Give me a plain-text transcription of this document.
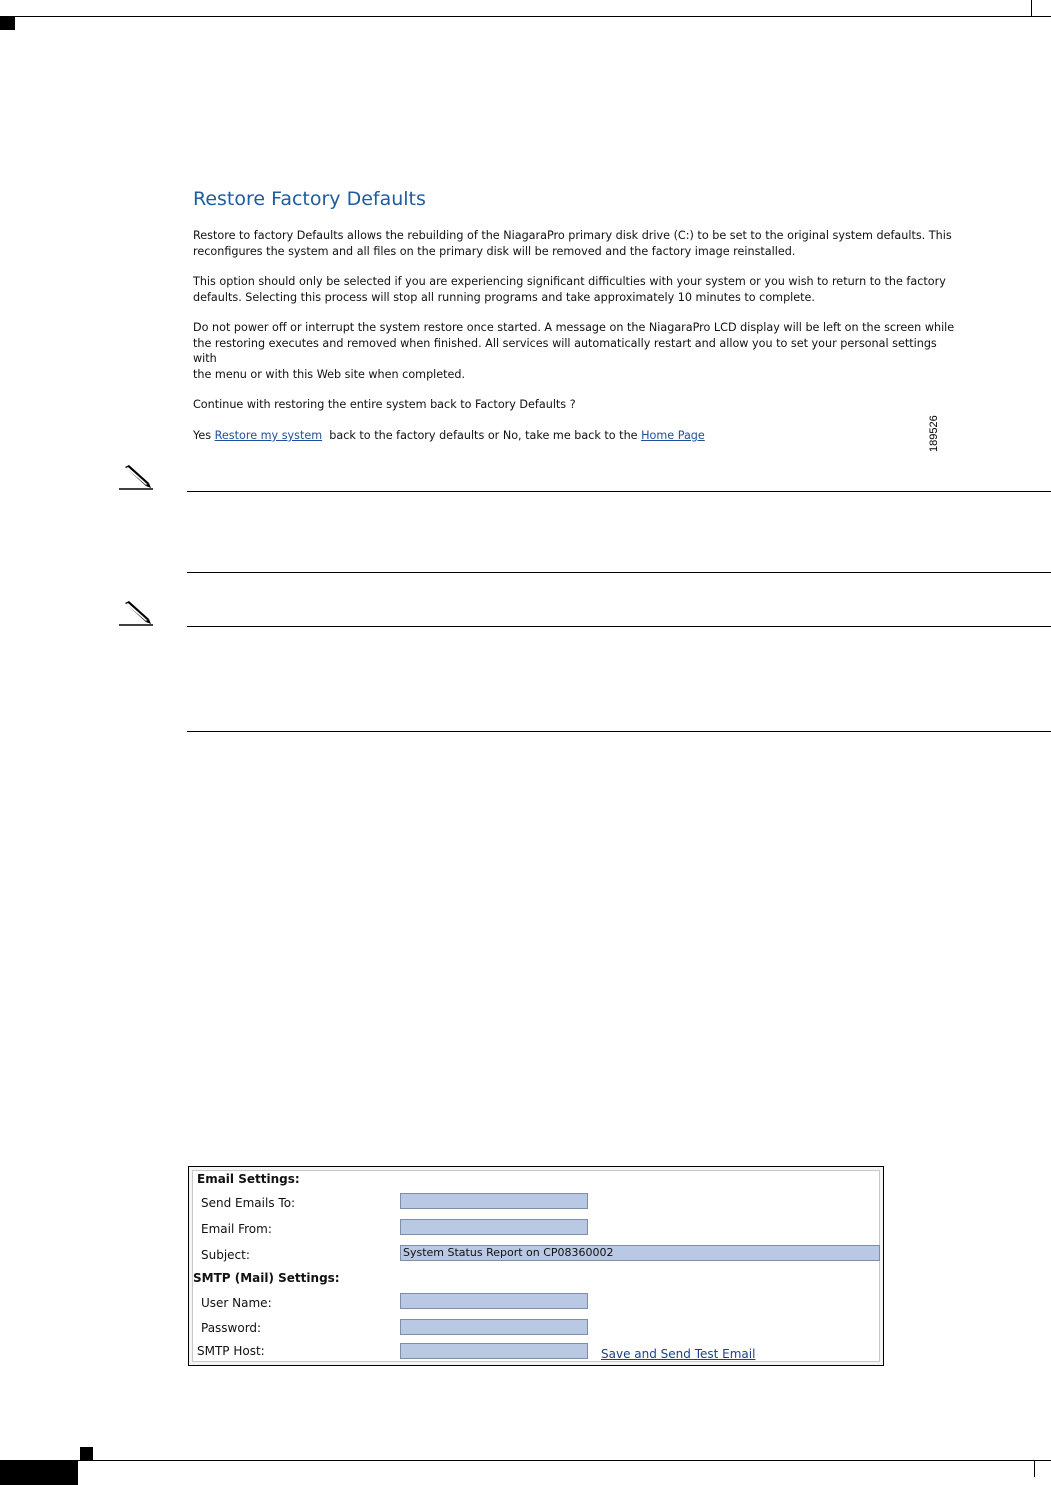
Restore Factory Defaults
Restore to factory Defaults allows the rebuilding of the NiagaraPro primary disk drive (C:) to be set to the original system defaults. This
reconfigures the system and all files on the primary disk will be removed and the factory image reinstalled.
This option should only be selected if you are experiencing significant difficulties with your system or you wish to return to the factory
defaults. Selecting this process will stop all running programs and take approximately 10 minutes to complete.
Do not power off or interrupt the system restore once started. A message on the NiagaraPro LCD display will be left on the screen while
the restoring executes and removed when finished. All services will automatically restart and allow you to set your personal settings with
the menu or with this Web site when completed.
Continue with restoring the entire system back to Factory Defaults ?
Yes Restore my system back to the factory defaults or No, take me back to the Home Page	189526
Email Settings:
Send Emails To:
Email From:
Subject:	System Status Report on CP08360002
SMTP (Mail) Settings:
User Name:
Password:
SMTP Host:	Save and Send Test Email
